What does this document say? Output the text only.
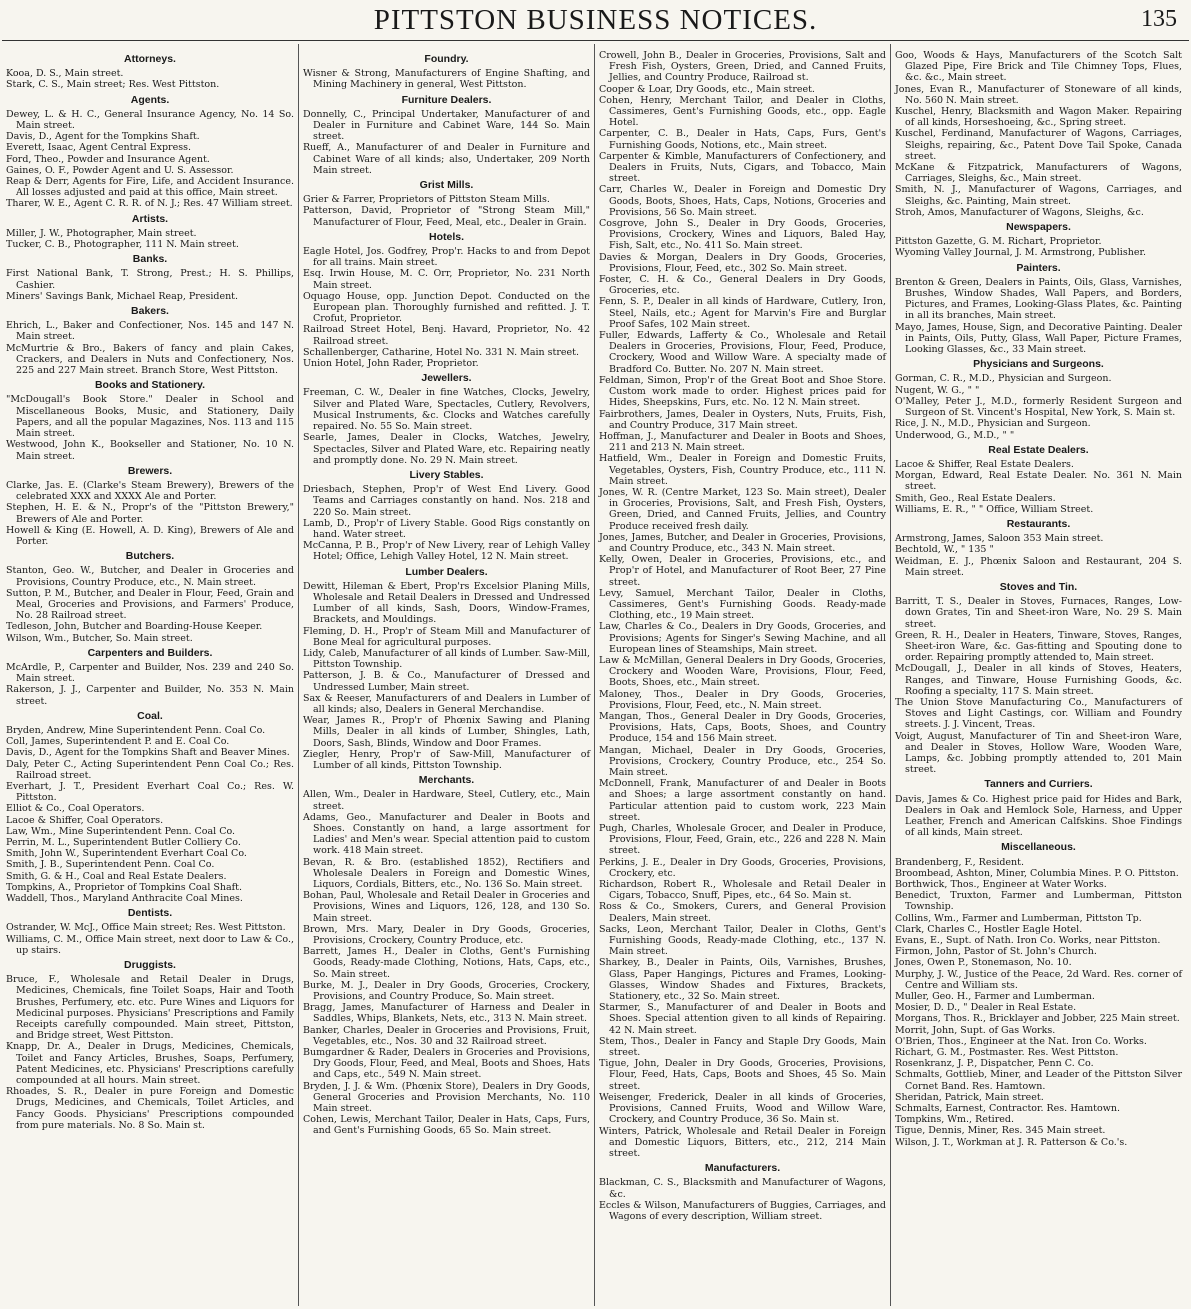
PITTSTON BUSINESS NOTICES.	135
Attorneys.

Kooa, D. S., Main street.

Stark, C. S., Main street; Res. West Pittston.

Agents.

Dewey, L. & H. C., General Insurance Agency, No. 14 So. Main street.

Davis, D., Agent for the Tompkins Shaft.

Everett, Isaac, Agent Central Express.

Ford, Theo., Powder and Insurance Agent.

Gaines, O. F., Powder Agent and U. S. Assessor.

Reap & Derr, Agents for Fire, Life, and Accident Insurance. All losses adjusted and paid at this office, Main street.

Tharer, W. E., Agent C. R. R. of N. J.; Res. 47 William street.

Artists.

Miller, J. W., Photographer, Main street.

Tucker, C. B., Photographer, 111 N. Main street.

Banks.

First National Bank, T. Strong, Prest.; H. S. Phillips, Cashier.

Miners' Savings Bank, Michael Reap, President.

Bakers.

Ehrich, L., Baker and Confectioner, Nos. 145 and 147 N. Main street.

McMurtrie & Bro., Bakers of fancy and plain Cakes, Crackers, and Dealers in Nuts and Confectionery, Nos. 225 and 227 Main street. Branch Store, West Pittston.

Books and Stationery.

"McDougall's Book Store." Dealer in School and Miscellaneous Books, Music, and Stationery, Daily Papers, and all the popular Magazines, Nos. 113 and 115 Main street.

Westwood, John K., Bookseller and Stationer, No. 10 N. Main street.

Brewers.

Clarke, Jas. E. (Clarke's Steam Brewery), Brewers of the celebrated XXX and XXXX Ale and Porter.

Stephen, H. E. & N., Propr's of the "Pittston Brewery," Brewers of Ale and Porter.

Howell & King (E. Howell, A. D. King), Brewers of Ale and Porter.

Butchers.

Stanton, Geo. W., Butcher, and Dealer in Groceries and Provisions, Country Produce, etc., N. Main street.

Sutton, P. M., Butcher, and Dealer in Flour, Feed, Grain and Meal, Groceries and Provisions, and Farmers' Produce, No. 28 Railroad street.

Tedleson, John, Butcher and Boarding-House Keeper.

Wilson, Wm., Butcher, So. Main street.

Carpenters and Builders.

McArdle, P., Carpenter and Builder, Nos. 239 and 240 So. Main street.

Rakerson, J. J., Carpenter and Builder, No. 353 N. Main street.

Coal.

Bryden, Andrew, Mine Superintendent Penn. Coal Co.

Coll, James, Superintendent P. and E. Coal Co.

Davis, D., Agent for the Tompkins Shaft and Beaver Mines.

Daly, Peter C., Acting Superintendent Penn Coal Co.; Res. Railroad street.

Everhart, J. T., President Everhart Coal Co.; Res. W. Pittston.

Elliot & Co., Coal Operators.

Lacoe & Shiffer, Coal Operators.

Law, Wm., Mine Superintendent Penn. Coal Co.

Perrin, M. L., Superintendent Butler Colliery Co.

Smith, John W., Superintendent Everhart Coal Co.

Smith, J. B., Superintendent Penn. Coal Co.

Smith, G. & H., Coal and Real Estate Dealers.

Tompkins, A., Proprietor of Tompkins Coal Shaft.

Waddell, Thos., Maryland Anthracite Coal Mines.

Dentists.

Ostrander, W. McJ., Office Main street; Res. West Pittston.

Williams, C. M., Office Main street, next door to Law & Co., up stairs.

Druggists.

Bruce, F., Wholesale and Retail Dealer in Drugs, Medicines, Chemicals, fine Toilet Soaps, Hair and Tooth Brushes, Perfumery, etc. etc. Pure Wines and Liquors for Medicinal purposes. Physicians' Prescriptions and Family Receipts carefully compounded. Main street, Pittston, and Bridge street, West Pittston.

Knapp, Dr. A., Dealer in Drugs, Medicines, Chemicals, Toilet and Fancy Articles, Brushes, Soaps, Perfumery, Patent Medicines, etc. Physicians' Prescriptions carefully compounded at all hours. Main street.

Rhoades, S. R., Dealer in pure Foreign and Domestic Drugs, Medicines, and Chemicals, Toilet Articles, and Fancy Goods. Physicians' Prescriptions compounded from pure materials. No. 8 So. Main st.

Foundry.

Wisner & Strong, Manufacturers of Engine Shafting, and Mining Machinery in general, West Pittston.

Furniture Dealers.

Donnelly, C., Principal Undertaker, Manufacturer of and Dealer in Furniture and Cabinet Ware, 144 So. Main street.

Rueff, A., Manufacturer of and Dealer in Furniture and Cabinet Ware of all kinds; also, Undertaker, 209 North Main street.

Grist Mills.

Grier & Farrer, Proprietors of Pittston Steam Mills.

Patterson, David, Proprietor of "Strong Steam Mill," Manufacturer of Flour, Feed, Meal, etc., Dealer in Grain.

Hotels.

Eagle Hotel, Jos. Godfrey, Prop'r. Hacks to and from Depot for all trains. Main street.

Esq. Irwin House, M. C. Orr, Proprietor, No. 231 North Main street.

Oquago House, opp. Junction Depot. Conducted on the European plan. Thoroughly furnished and refitted. J. T. Crofut, Proprietor.

Railroad Street Hotel, Benj. Havard, Proprietor, No. 42 Railroad street.

Schallenberger, Catharine, Hotel No. 331 N. Main street.

Union Hotel, John Rader, Proprietor.

Jewellers.

Freeman, C. W., Dealer in fine Watches, Clocks, Jewelry, Silver and Plated Ware, Spectacles, Cutlery, Revolvers, Musical Instruments, &c. Clocks and Watches carefully repaired. No. 55 So. Main street.

Searle, James, Dealer in Clocks, Watches, Jewelry, Spectacles, Silver and Plated Ware, etc. Repairing neatly and promptly done. No. 29 N. Main street.

Livery Stables.

Driesbach, Stephen, Prop'r of West End Livery. Good Teams and Carriages constantly on hand. Nos. 218 and 220 So. Main street.

Lamb, D., Prop'r of Livery Stable. Good Rigs constantly on hand. Water street.

McCanna, P. B., Prop'r of New Livery, rear of Lehigh Valley Hotel; Office, Lehigh Valley Hotel, 12 N. Main street.

Lumber Dealers.

Dewitt, Hileman & Ebert, Prop'rs Excelsior Planing Mills, Wholesale and Retail Dealers in Dressed and Undressed Lumber of all kinds, Sash, Doors, Window-Frames, Brackets, and Mouldings.

Fleming, D. H., Prop'r of Steam Mill and Manufacturer of Bone Meal for agricultural purposes.

Lidy, Caleb, Manufacturer of all kinds of Lumber. Saw-Mill, Pittston Township.

Patterson, J. B. & Co., Manufacturer of Dressed and Undressed Lumber, Main street.

Sax & Reeser, Manufacturers of and Dealers in Lumber of all kinds; also, Dealers in General Merchandise.

Wear, James R., Prop'r of Phœnix Sawing and Planing Mills, Dealer in all kinds of Lumber, Shingles, Lath, Doors, Sash, Blinds, Window and Door Frames.

Ziegler, Henry, Prop'r of Saw-Mill, Manufacturer of Lumber of all kinds, Pittston Township.

Merchants.

Allen, Wm., Dealer in Hardware, Steel, Cutlery, etc., Main street.

Adams, Geo., Manufacturer and Dealer in Boots and Shoes. Constantly on hand, a large assortment for Ladies' and Men's wear. Special attention paid to custom work. 418 Main street.

Bevan, R. & Bro. (established 1852), Rectifiers and Wholesale Dealers in Foreign and Domestic Wines, Liquors, Cordials, Bitters, etc., No. 136 So. Main street.

Bohan, Paul, Wholesale and Retail Dealer in Groceries and Provisions, Wines and Liquors, 126, 128, and 130 So. Main street.

Brown, Mrs. Mary, Dealer in Dry Goods, Groceries, Provisions, Crockery, Country Produce, etc.

Barrett, James H., Dealer in Cloths, Gent's Furnishing Goods, Ready-made Clothing, Notions, Hats, Caps, etc., So. Main street.

Burke, M. J., Dealer in Dry Goods, Groceries, Crockery, Provisions, and Country Produce, So. Main street.

Bragg, James, Manufacturer of Harness and Dealer in Saddles, Whips, Blankets, Nets, etc., 313 N. Main street.

Banker, Charles, Dealer in Groceries and Provisions, Fruit, Vegetables, etc., Nos. 30 and 32 Railroad street.

Bumgardner & Rader, Dealers in Groceries and Provisions, Dry Goods, Flour, Feed, and Meal, Boots and Shoes, Hats and Caps, etc., 549 N. Main street.

Bryden, J. J. & Wm. (Phœnix Store), Dealers in Dry Goods, General Groceries and Provision Merchants, No. 110 Main street.

Cohen, Lewis, Merchant Tailor, Dealer in Hats, Caps, Furs, and Gent's Furnishing Goods, 65 So. Main street.

Crowell, John B., Dealer in Groceries, Provisions, Salt and Fresh Fish, Oysters, Green, Dried, and Canned Fruits, Jellies, and Country Produce, Railroad st.

Cooper & Loar, Dry Goods, etc., Main street.

Cohen, Henry, Merchant Tailor, and Dealer in Cloths, Cassimeres, Gent's Furnishing Goods, etc., opp. Eagle Hotel.

Carpenter, C. B., Dealer in Hats, Caps, Furs, Gent's Furnishing Goods, Notions, etc., Main street.

Carpenter & Kimble, Manufacturers of Confectionery, and Dealers in Fruits, Nuts, Cigars, and Tobacco, Main street.

Carr, Charles W., Dealer in Foreign and Domestic Dry Goods, Boots, Shoes, Hats, Caps, Notions, Groceries and Provisions, 56 So. Main street.

Cosgrove, John S., Dealer in Dry Goods, Groceries, Provisions, Crockery, Wines and Liquors, Baled Hay, Fish, Salt, etc., No. 411 So. Main street.

Davies & Morgan, Dealers in Dry Goods, Groceries, Provisions, Flour, Feed, etc., 302 So. Main street.

Foster, C. H. & Co., General Dealers in Dry Goods, Groceries, etc.

Fenn, S. P., Dealer in all kinds of Hardware, Cutlery, Iron, Steel, Nails, etc.; Agent for Marvin's Fire and Burglar Proof Safes, 102 Main street.

Fuller, Edwards, Lafferty & Co., Wholesale and Retail Dealers in Groceries, Provisions, Flour, Feed, Produce, Crockery, Wood and Willow Ware. A specialty made of Bradford Co. Butter. No. 207 N. Main street.

Feldman, Simon, Prop'r of the Great Boot and Shoe Store. Custom work made to order. Highest prices paid for Hides, Sheepskins, Furs, etc. No. 12 N. Main street.

Fairbrothers, James, Dealer in Oysters, Nuts, Fruits, Fish, and Country Produce, 317 Main street.

Hoffman, J., Manufacturer and Dealer in Boots and Shoes, 211 and 213 N. Main street.

Hatfield, Wm., Dealer in Foreign and Domestic Fruits, Vegetables, Oysters, Fish, Country Produce, etc., 111 N. Main street.

Jones, W. R. (Centre Market, 123 So. Main street), Dealer in Groceries, Provisions, Salt, and Fresh Fish, Oysters, Green, Dried, and Canned Fruits, Jellies, and Country Produce received fresh daily.

Jones, James, Butcher, and Dealer in Groceries, Provisions, and Country Produce, etc., 343 N. Main street.

Kelly, Owen, Dealer in Groceries, Provisions, etc., and Prop'r of Hotel, and Manufacturer of Root Beer, 27 Pine street.

Levy, Samuel, Merchant Tailor, Dealer in Cloths, Cassimeres, Gent's Furnishing Goods. Ready-made Clothing, etc., 19 Main street.

Law, Charles & Co., Dealers in Dry Goods, Groceries, and Provisions; Agents for Singer's Sewing Machine, and all European lines of Steamships, Main street.

Law & McMillan, General Dealers in Dry Goods, Groceries, Crockery and Wooden Ware, Provisions, Flour, Feed, Boots, Shoes, etc., Main street.

Maloney, Thos., Dealer in Dry Goods, Groceries, Provisions, Flour, Feed, etc., N. Main street.

Mangan, Thos., General Dealer in Dry Goods, Groceries, Provisions, Hats, Caps, Boots, Shoes, and Country Produce, 154 and 156 Main street.

Mangan, Michael, Dealer in Dry Goods, Groceries, Provisions, Crockery, Country Produce, etc., 254 So. Main street.

McDonnell, Frank, Manufacturer of and Dealer in Boots and Shoes; a large assortment constantly on hand. Particular attention paid to custom work, 223 Main street.

Pugh, Charles, Wholesale Grocer, and Dealer in Produce, Provisions, Flour, Feed, Grain, etc., 226 and 228 N. Main street.

Perkins, J. E., Dealer in Dry Goods, Groceries, Provisions, Crockery, etc.

Richardson, Robert R., Wholesale and Retail Dealer in Cigars, Tobacco, Snuff, Pipes, etc., 64 So. Main st.

Ross & Co., Smokers, Curers, and General Provision Dealers, Main street.

Sacks, Leon, Merchant Tailor, Dealer in Cloths, Gent's Furnishing Goods, Ready-made Clothing, etc., 137 N. Main street.

Sharkey, B., Dealer in Paints, Oils, Varnishes, Brushes, Glass, Paper Hangings, Pictures and Frames, Looking-Glasses, Window Shades and Fixtures, Brackets, Stationery, etc., 32 So. Main street.

Starmer, S., Manufacturer of and Dealer in Boots and Shoes. Special attention given to all kinds of Repairing. 42 N. Main street.

Stem, Thos., Dealer in Fancy and Staple Dry Goods, Main street.

Tigue, John, Dealer in Dry Goods, Groceries, Provisions, Flour, Feed, Hats, Caps, Boots and Shoes, 45 So. Main street.

Weisenger, Frederick, Dealer in all kinds of Groceries, Provisions, Canned Fruits, Wood and Willow Ware, Crockery, and Country Produce, 36 So. Main st.

Winters, Patrick, Wholesale and Retail Dealer in Foreign and Domestic Liquors, Bitters, etc., 212, 214 Main street.

Manufacturers.

Blackman, C. S., Blacksmith and Manufacturer of Wagons, &c.

Eccles & Wilson, Manufacturers of Buggies, Carriages, and Wagons of every description, William street.

Goo, Woods & Hays, Manufacturers of the Scotch Salt Glazed Pipe, Fire Brick and Tile Chimney Tops, Flues, &c. &c., Main street.

Jones, Evan R., Manufacturer of Stoneware of all kinds, No. 560 N. Main street.

Kuschel, Henry, Blacksmith and Wagon Maker. Repairing of all kinds, Horseshoeing, &c., Spring street.

Kuschel, Ferdinand, Manufacturer of Wagons, Carriages, Sleighs, repairing, &c., Patent Dove Tail Spoke, Canada street.

McKane & Fitzpatrick, Manufacturers of Wagons, Carriages, Sleighs, &c., Main street.

Smith, N. J., Manufacturer of Wagons, Carriages, and Sleighs, &c. Painting, Main street.

Stroh, Amos, Manufacturer of Wagons, Sleighs, &c.

Newspapers.

Pittston Gazette, G. M. Richart, Proprietor.

Wyoming Valley Journal, J. M. Armstrong, Publisher.

Painters.

Brenton & Green, Dealers in Paints, Oils, Glass, Varnishes, Brushes, Window Shades, Wall Papers, and Borders, Pictures, and Frames, Looking-Glass Plates, &c. Painting in all its branches, Main street.

Mayo, James, House, Sign, and Decorative Painting. Dealer in Paints, Oils, Putty, Glass, Wall Paper, Picture Frames, Looking Glasses, &c., 33 Main street.

Physicians and Surgeons.

Gorman, C. R., M.D., Physician and Surgeon.

Nugent, W. G., " "

O'Malley, Peter J., M.D., formerly Resident Surgeon and Surgeon of St. Vincent's Hospital, New York, S. Main st.

Rice, J. N., M.D., Physician and Surgeon.

Underwood, G., M.D., " "

Real Estate Dealers.

Lacoe & Shiffer, Real Estate Dealers.

Morgan, Edward, Real Estate Dealer. No. 361 N. Main street.

Smith, Geo., Real Estate Dealers.

Williams, E. R., " " Office, William Street.

Restaurants.

Armstrong, James, Saloon 353 Main street.

Bechtold, W., " 135 "

Weidman, E. J., Phœnix Saloon and Restaurant, 204 S. Main street.

Stoves and Tin.

Barritt, T. S., Dealer in Stoves, Furnaces, Ranges, Low-down Grates, Tin and Sheet-iron Ware, No. 29 S. Main street.

Green, R. H., Dealer in Heaters, Tinware, Stoves, Ranges, Sheet-iron Ware, &c. Gas-fitting and Spouting done to order. Repairing promptly attended to, Main street.

McDougall, J., Dealer in all kinds of Stoves, Heaters, Ranges, and Tinware, House Furnishing Goods, &c. Roofing a specialty, 117 S. Main street.

The Union Stove Manufacturing Co., Manufacturers of Stoves and Light Castings, cor. William and Foundry streets. J. J. Vincent, Treas.

Voigt, August, Manufacturer of Tin and Sheet-iron Ware, and Dealer in Stoves, Hollow Ware, Wooden Ware, Lamps, &c. Jobbing promptly attended to, 201 Main street.

Tanners and Curriers.

Davis, James & Co. Highest price paid for Hides and Bark, Dealers in Oak and Hemlock Sole, Harness, and Upper Leather, French and American Calfskins. Shoe Findings of all kinds, Main street.

Miscellaneous.

Brandenberg, F., Resident.

Broombead, Ashton, Miner, Columbia Mines. P. O. Pittston.

Borthwick, Thos., Engineer at Water Works.

Benedict, Truxton, Farmer and Lumberman, Pittston Township.

Collins, Wm., Farmer and Lumberman, Pittston Tp.

Clark, Charles C., Hostler Eagle Hotel.

Evans, E., Supt. of Nath. Iron Co. Works, near Pittston.

Firmon, John, Pastor of St. John's Church.

Jones, Owen P., Stonemason, No. 10.

Murphy, J. W., Justice of the Peace, 2d Ward. Res. corner of Centre and William sts.

Muller, Geo. H., Farmer and Lumberman.

Mosier, D. D., " Dealer in Real Estate.

Morgans, Thos. R., Bricklayer and Jobber, 225 Main street.

Morrit, John, Supt. of Gas Works.

O'Brien, Thos., Engineer at the Nat. Iron Co. Works.

Richart, G. M., Postmaster. Res. West Pittston.

Rosenkranz, J. P., Dispatcher, Penn C. Co.

Schmalts, Gottlieb, Miner, and Leader of the Pittston Silver Cornet Band. Res. Hamtown.

Sheridan, Patrick, Main street.

Schmalts, Earnest, Contractor. Res. Hamtown.

Tompkins, Wm., Retired.

Tigue, Dennis, Miner, Res. 345 Main street.

Wilson, J. T., Workman at J. R. Patterson & Co.'s.
